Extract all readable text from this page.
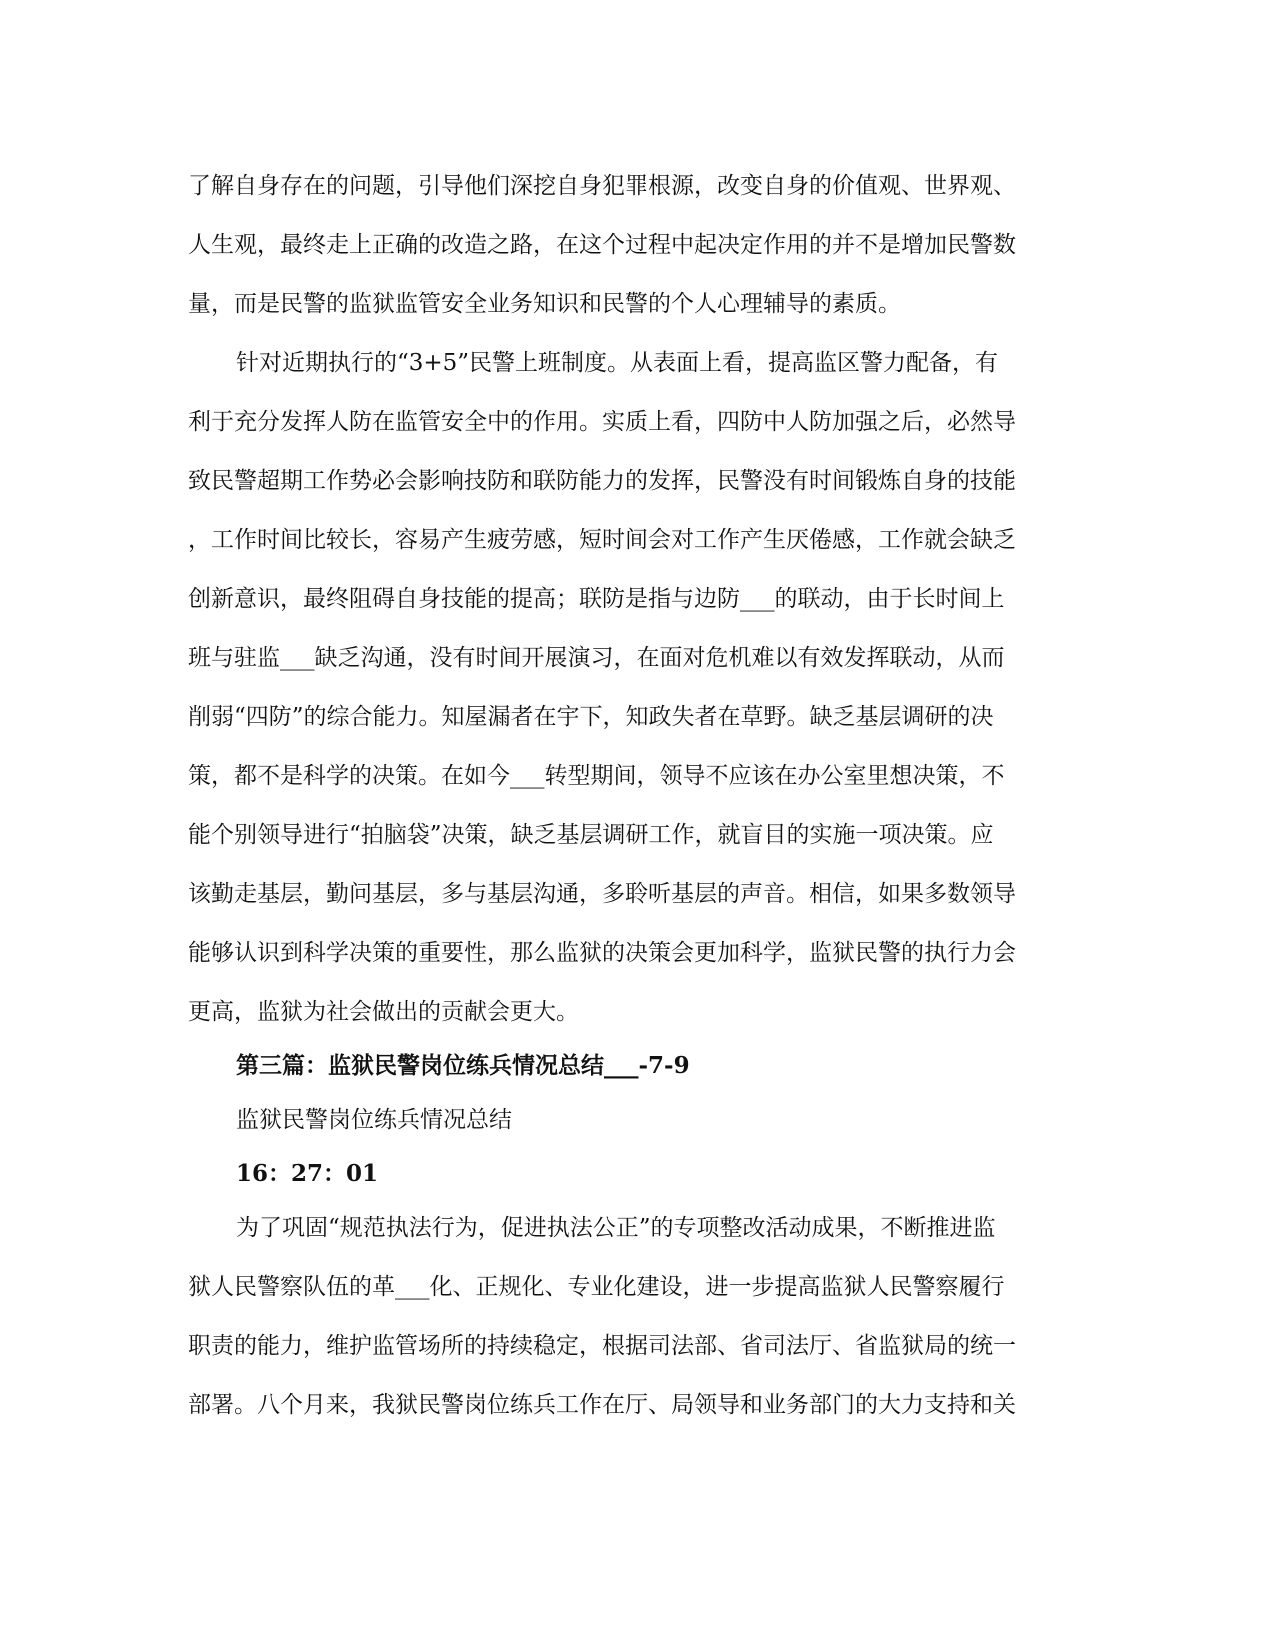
了解自身存在的问题，引导他们深挖自身犯罪根源，改变自身的价值观、世界观、
人生观，最终走上正确的改造之路，在这个过程中起决定作用的并不是增加民警数
量，而是民警的监狱监管安全业务知识和民警的个人心理辅导的素质。
针对近期执行的“3+5”民警上班制度。从表面上看，提高监区警力配备，有
利于充分发挥人防在监管安全中的作用。实质上看，四防中人防加强之后，必然导
致民警超期工作势必会影响技防和联防能力的发挥，民警没有时间锻炼自身的技能
，工作时间比较长，容易产生疲劳感，短时间会对工作产生厌倦感，工作就会缺乏
创新意识，最终阻碍自身技能的提高；联防是指与边防___的联动，由于长时间上
班与驻监___缺乏沟通，没有时间开展演习，在面对危机难以有效发挥联动，从而
削弱“四防”的综合能力。知屋漏者在宇下，知政失者在草野。缺乏基层调研的决
策，都不是科学的决策。在如今___转型期间，领导不应该在办公室里想决策，不
能个别领导进行“拍脑袋”决策，缺乏基层调研工作，就盲目的实施一项决策。应
该勤走基层，勤问基层，多与基层沟通，多聆听基层的声音。相信，如果多数领导
能够认识到科学决策的重要性，那么监狱的决策会更加科学，监狱民警的执行力会
更高，监狱为社会做出的贡献会更大。
第三篇：监狱民警岗位练兵情况总结___-7-9
监狱民警岗位练兵情况总结
16：27：01
为了巩固“规范执法行为，促进执法公正”的专项整改活动成果，不断推进监
狱人民警察队伍的革___化、正规化、专业化建设，进一步提高监狱人民警察履行
职责的能力，维护监管场所的持续稳定，根据司法部、省司法厅、省监狱局的统一
部署。八个月来，我狱民警岗位练兵工作在厅、局领导和业务部门的大力支持和关
